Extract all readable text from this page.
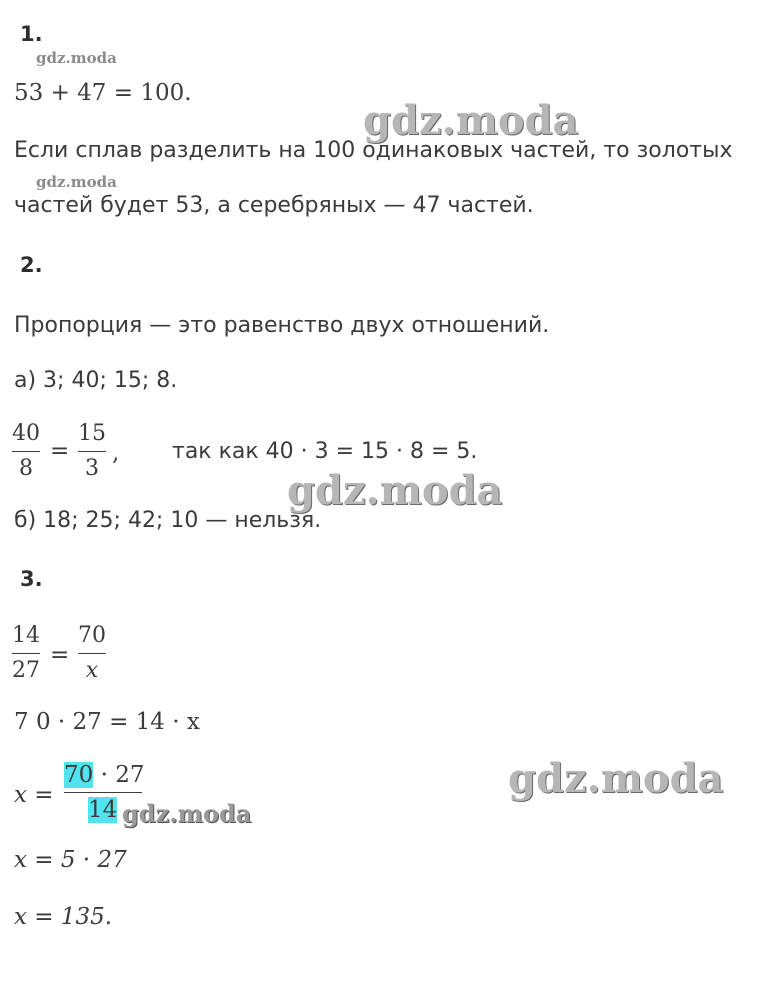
1.
gdz.moda
53 + 47 = 100.
gdz.moda
Если сплав разделить на 100 одинаковых частей, то золотых
gdz.moda
частей будет 53, а серебряных — 47 частей.
2.
Пропорция — это равенство двух отношений.
а) 3; 40; 15; 8.
40
8
=
15
3
, так как 40 · 3 = 15 · 8 = 5.
gdz.moda
б) 18; 25; 42; 10 — нельзя.
3.
14
27
=
70
x
7 0 · 27 = 14 · x
x =
70 · 27
14 gdz.moda
gdz.moda
x = 5 · 27
x = 135.
